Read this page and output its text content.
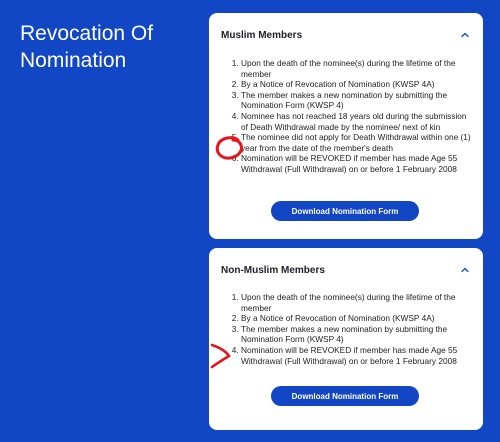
Revocation Of Nomination
Muslim Members
1. Upon the death of the nominee(s) during the lifetime of the member
2. By a Notice of Revocation of Nomination (KWSP 4A)
3. The member makes a new nomination by submitting the Nomination Form (KWSP 4)
4. Nominee has not reached 18 years old during the submission of Death Withdrawal made by the nominee/ next of kin
5. The nominee did not apply for Death Withdrawal within one (1) year from the date of the member's death
6. Nomination will be REVOKED if member has made Age 55 Withdrawal (Full Withdrawal) on or before 1 February 2008
Download Nomination Form
Non-Muslim Members
1. Upon the death of the nominee(s) during the lifetime of the member
2. By a Notice of Revocation of Nomination (KWSP 4A)
3. The member makes a new nomination by submitting the Nomination Form (KWSP 4)
4. Nomination will be REVOKED if member has made Age 55 Withdrawal (Full Withdrawal) on or before 1 February 2008
Download Nomination Form
